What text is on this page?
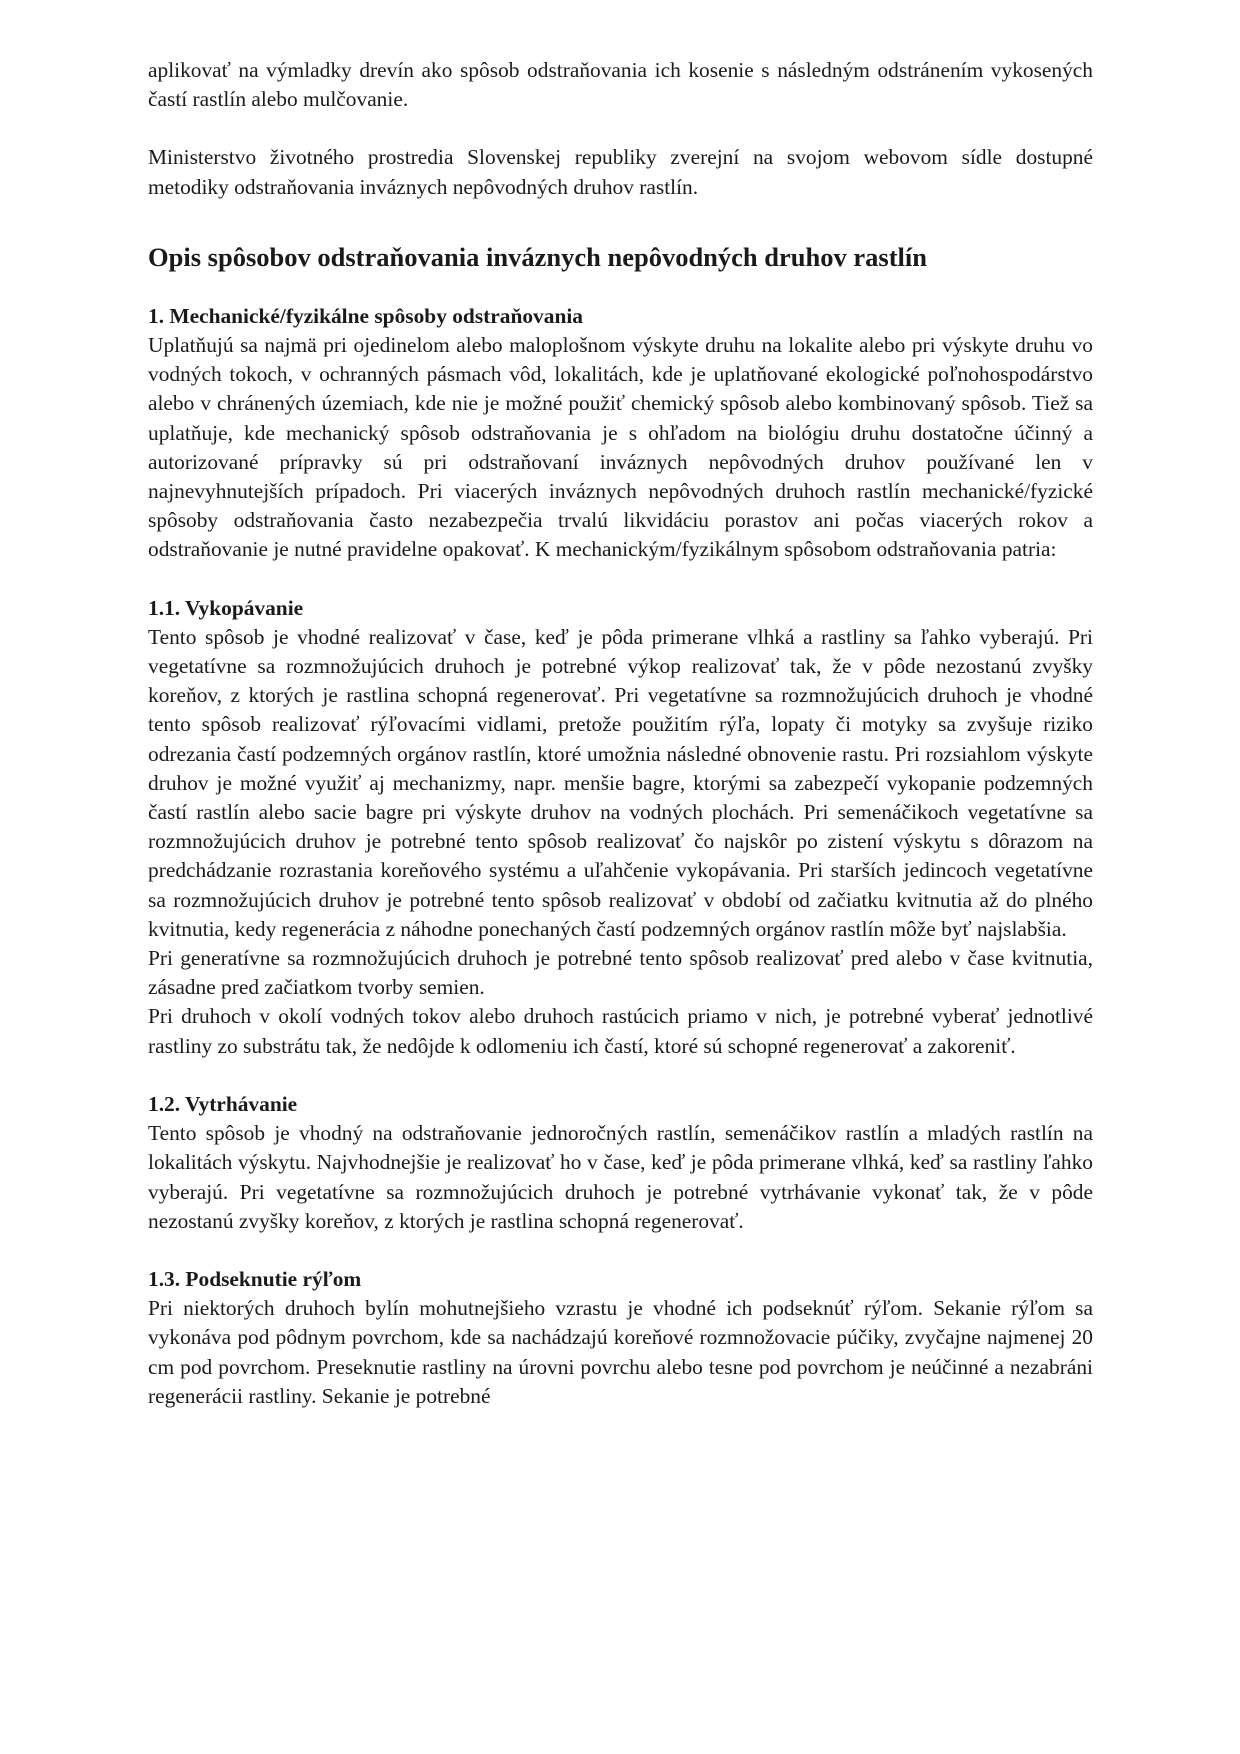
aplikovať na výmladky drevín ako spôsob odstraňovania ich kosenie s následným odstránením vykosených častí rastlín alebo mulčovanie.

Ministerstvo životného prostredia Slovenskej republiky zverejní na svojom webovom sídle dostupné metodiky odstraňovania inváznych nepôvodných druhov rastlín.

Opis spôsobov odstraňovania inváznych nepôvodných druhov rastlín
1. Mechanické/fyzikálne spôsoby odstraňovania

Uplatňujú sa najmä pri ojedinelom alebo maloplošnom výskyte druhu na lokalite alebo pri výskyte druhu vo vodných tokoch, v ochranných pásmach vôd, lokalitách, kde je uplatňované ekologické poľnohospodárstvo alebo v chránených územiach, kde nie je možné použiť chemický spôsob alebo kombinovaný spôsob. Tiež sa uplatňuje, kde mechanický spôsob odstraňovania je s ohľadom na biológiu druhu dostatočne účinný a autorizované prípravky sú pri odstraňovaní inváznych nepôvodných druhov používané len v najnevyhnutejších prípadoch. Pri viacerých inváznych nepôvodných druhoch rastlín mechanické/fyzické spôsoby odstraňovania často nezabezpečia trvalú likvidáciu porastov ani počas viacerých rokov a odstraňovanie je nutné pravidelne opakovať. K mechanickým/fyzikálnym spôsobom odstraňovania patria:

1.1. Vykopávanie

Tento spôsob je vhodné realizovať v čase, keď je pôda primerane vlhká a rastliny sa ľahko vyberajú. Pri vegetatívne sa rozmnožujúcich druhoch je potrebné výkop realizovať tak, že v pôde nezostanú zvyšky koreňov, z ktorých je rastlina schopná regenerovať. Pri vegetatívne sa rozmnožujúcich druhoch je vhodné tento spôsob realizovať rýľovacími vidlami, pretože použitím rýľa, lopaty či motyky sa zvyšuje riziko odrezania častí podzemných orgánov rastlín, ktoré umožnia následné obnovenie rastu. Pri rozsiahlom výskyte druhov je možné využiť aj mechanizmy, napr. menšie bagre, ktorými sa zabezpečí vykopanie podzemných častí rastlín alebo sacie bagre pri výskyte druhov na vodných plochách. Pri semenáčikoch vegetatívne sa rozmnožujúcich druhov je potrebné tento spôsob realizovať čo najskôr po zistení výskytu s dôrazom na predchádzanie rozrastania koreňového systému a uľahčenie vykopávania. Pri starších jedincoch vegetatívne sa rozmnožujúcich druhov je potrebné tento spôsob realizovať v období od začiatku kvitnutia až do plného kvitnutia, kedy regenerácia z náhodne ponechaných častí podzemných orgánov rastlín môže byť najslabšia.

Pri generatívne sa rozmnožujúcich druhoch je potrebné tento spôsob realizovať pred alebo v čase kvitnutia, zásadne pred začiatkom tvorby semien.

Pri druhoch v okolí vodných tokov alebo druhoch rastúcich priamo v nich, je potrebné vyberať jednotlivé rastliny zo substrátu tak, že nedôjde k odlomeniu ich častí, ktoré sú schopné regenerovať a zakoreniť.

1.2. Vytrhávanie

Tento spôsob je vhodný na odstraňovanie jednoročných rastlín, semenáčikov rastlín a mladých rastlín na lokalitách výskytu. Najvhodnejšie je realizovať ho v čase, keď je pôda primerane vlhká, keď sa rastliny ľahko vyberajú. Pri vegetatívne sa rozmnožujúcich druhoch je potrebné vytrhávanie vykonať tak, že v pôde nezostanú zvyšky koreňov, z ktorých je rastlina schopná regenerovať.

1.3. Podseknutie rýľom

Pri niektorých druhoch bylín mohutnejšieho vzrastu je vhodné ich podseknúť rýľom. Sekanie rýľom sa vykonáva pod pôdnym povrchom, kde sa nachádzajú koreňové rozmnožovacie púčiky, zvyčajne najmenej 20 cm pod povrchom. Preseknutie rastliny na úrovni povrchu alebo tesne pod povrchom je neúčinné a nezabráni regenerácii rastliny. Sekanie je potrebné
